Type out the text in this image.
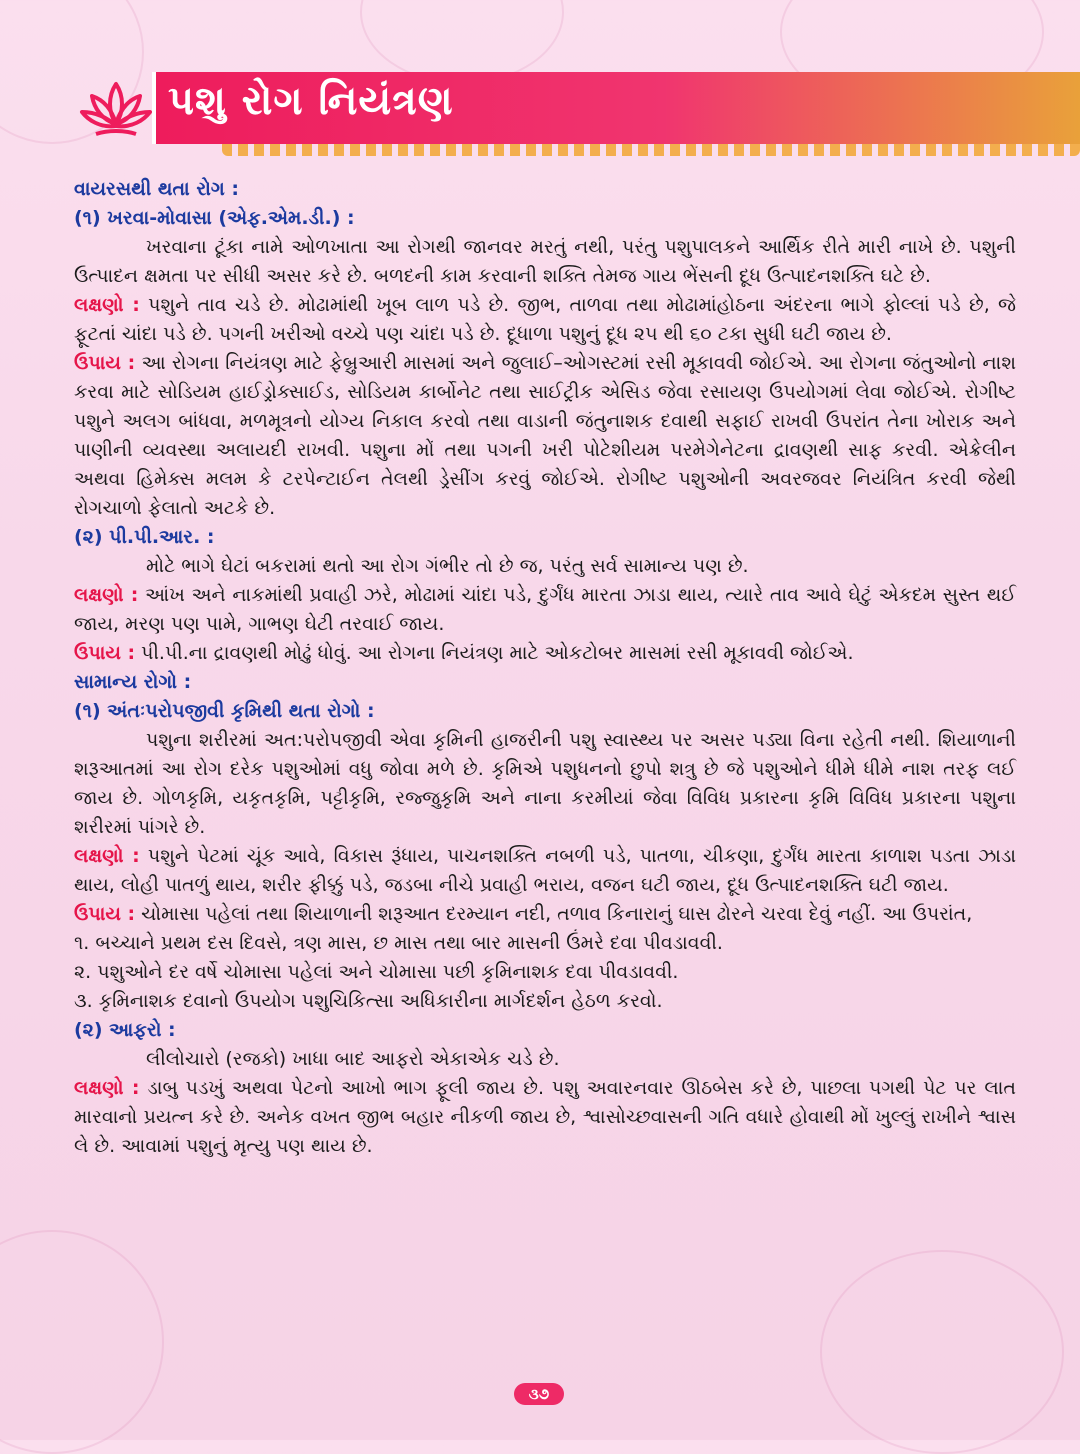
પશુ રોગ નિયંત્રણ

વાયરસથી થતા રોગ :

(૧) ખરવા-મોવાસા (એફ.એમ.ડી.) :

ખરવાના ટૂંકા નામે ઓળખાતા આ રોગથી જાનવર મરતું નથી, પરંતુ પશુપાલકને આર્થિક રીતે મારી નાખે છે. પશુની ઉત્પાદન ક્ષમતા પર સીધી અસર કરે છે. બળદની કામ કરવાની શક્તિ તેમજ ગાય ભેંસની દૂધ ઉત્પાદનશક્તિ ઘટે છે.

લક્ષણો : પશુને તાવ ચડે છે. મોઢામાંથી ખૂબ લાળ પડે છે. જીભ, તાળવા તથા મોઢામાંહોઠના અંદરના ભાગે ફોલ્લાં પડે છે, જે ફૂટતાં ચાંદા પડે છે. પગની ખરીઓ વચ્ચે પણ ચાંદા પડે છે. દૂધાળા પશુનું દૂધ ૨૫ થી ૬૦ ટકા સુધી ઘટી જાય છે.

ઉપાય : આ રોગના નિયંત્રણ માટે ફેબ્રુઆરી માસમાં અને જુલાઈ–ઓગસ્ટમાં રસી મૂકાવવી જોઈએ. આ રોગના જંતુઓનો નાશ કરવા માટે સોડિયમ હાઈડ્રોક્સાઈડ, સોડિયમ કાર્બોનેટ તથા સાઈટ્રીક એસિડ જેવા રસાયણ ઉપયોગમાં લેવા જોઈએ. રોગીષ્ટ પશુને અલગ બાંધવા, મળમૂત્રનો યોગ્ય નિકાલ કરવો તથા વાડાની જંતુનાશક દવાથી સફાઈ રાખવી ઉપરાંત તેના ખોરાક અને પાણીની વ્યવસ્થા અલાયદી રાખવી. પશુના મોં તથા પગની ખરી પોટેશીયમ પરમેગેનેટના દ્રાવણથી સાફ કરવી. એક્રેલીન અથવા હિમેક્સ મલમ કે ટરપેન્ટાઈન તેલથી ડ્રેસીંગ કરવું જોઈએ. રોગીષ્ટ પશુઓની અવરજવર નિયંત્રિત કરવી જેથી રોગચાળો ફેલાતો અટકે છે.

(૨) પી.પી.આર. :

મોટે ભાગે ઘેટાં બકરામાં થતો આ રોગ ગંભીર તો છે જ, પરંતુ સર્વ સામાન્ય પણ છે.

લક્ષણો : આંખ અને નાકમાંથી પ્રવાહી ઝરે, મોઢામાં ચાંદા પડે, દુર્ગંધ મારતા ઝાડા થાય, ત્યારે તાવ આવે ઘેટું એકદમ સુસ્ત થઈ જાય, મરણ પણ પામે, ગાભણ ઘેટી તરવાઈ જાય.

ઉપાય : પી.પી.ના દ્રાવણથી મોઢું ધોવું. આ રોગના નિયંત્રણ માટે ઓકટોબર માસમાં રસી મૂકાવવી જોઈએ.

સામાન્ય રોગો :

(૧) અંતઃપરોપજીવી કૃમિથી થતા રોગો :

પશુના શરીરમાં અત:પરોપજીવી એવા કૃમિની હાજરીની પશુ સ્વાસ્થ્ય પર અસર પડ્યા વિના રહેતી નથી. શિયાળાની શરૂઆતમાં આ રોગ દરેક પશુઓમાં વધુ જોવા મળે છે. કૃમિએ પશુધનનો છુપો શત્રુ છે જે પશુઓને ધીમે ધીમે નાશ તરફ લઈ જાય છે. ગોળકૃમિ, યકૃતકૃમિ, પટ્ટીકૃમિ, રજ્જુકૃમિ અને નાના કરમીયાં જેવા વિવિધ પ્રકારના કૃમિ વિવિધ પ્રકારના પશુના શરીરમાં પાંગરે છે.

લક્ષણો : પશુને પેટમાં ચૂંક આવે, વિકાસ રૂંધાય, પાચનશક્તિ નબળી પડે, પાતળા, ચીકણા, દુર્ગંધ મારતા કાળાશ પડતા ઝાડા થાય, લોહી પાતળું થાય, શરીર ફીક્કું પડે, જડબા નીચે પ્રવાહી ભરાય, વજન ઘટી જાય, દૂધ ઉત્પાદનશક્તિ ઘટી જાય.

ઉપાય : ચોમાસા પહેલાં તથા શિયાળાની શરૂઆત દરમ્યાન નદી, તળાવ કિનારાનું ઘાસ ઢોરને ચરવા દેવું નહીં. આ ઉપરાંત,

૧. બચ્ચાને પ્રથમ દસ દિવસે, ત્રણ માસ, છ માસ તથા બાર માસની ઉંમરે દવા પીવડાવવી.

૨. પશુઓને દર વર્ષે ચોમાસા પહેલાં અને ચોમાસા પછી કૃમિનાશક દવા પીવડાવવી.

૩. કૃમિનાશક દવાનો ઉપયોગ પશુચિકિત્સા અધિકારીના માર્ગદર્શન હેઠળ કરવો.

(૨) આફરો :

લીલોચારો (રજકો) ખાધા બાદ આફરો એકાએક ચડે છે.

લક્ષણો : ડાબુ પડખું અથવા પેટનો આખો ભાગ ફૂલી જાય છે. પશુ અવારનવાર ઊઠબેસ કરે છે, પાછલા પગથી પેટ પર લાત મારવાનો પ્રયત્ન કરે છે. અનેક વખત જીભ બહાર નીકળી જાય છે, શ્વાસોચ્છવાસની ગતિ વધારે હોવાથી મોં ખુલ્લું રાખીને શ્વાસ લે છે. આવામાં પશુનું મૃત્યુ પણ થાય છે.

૩૭
